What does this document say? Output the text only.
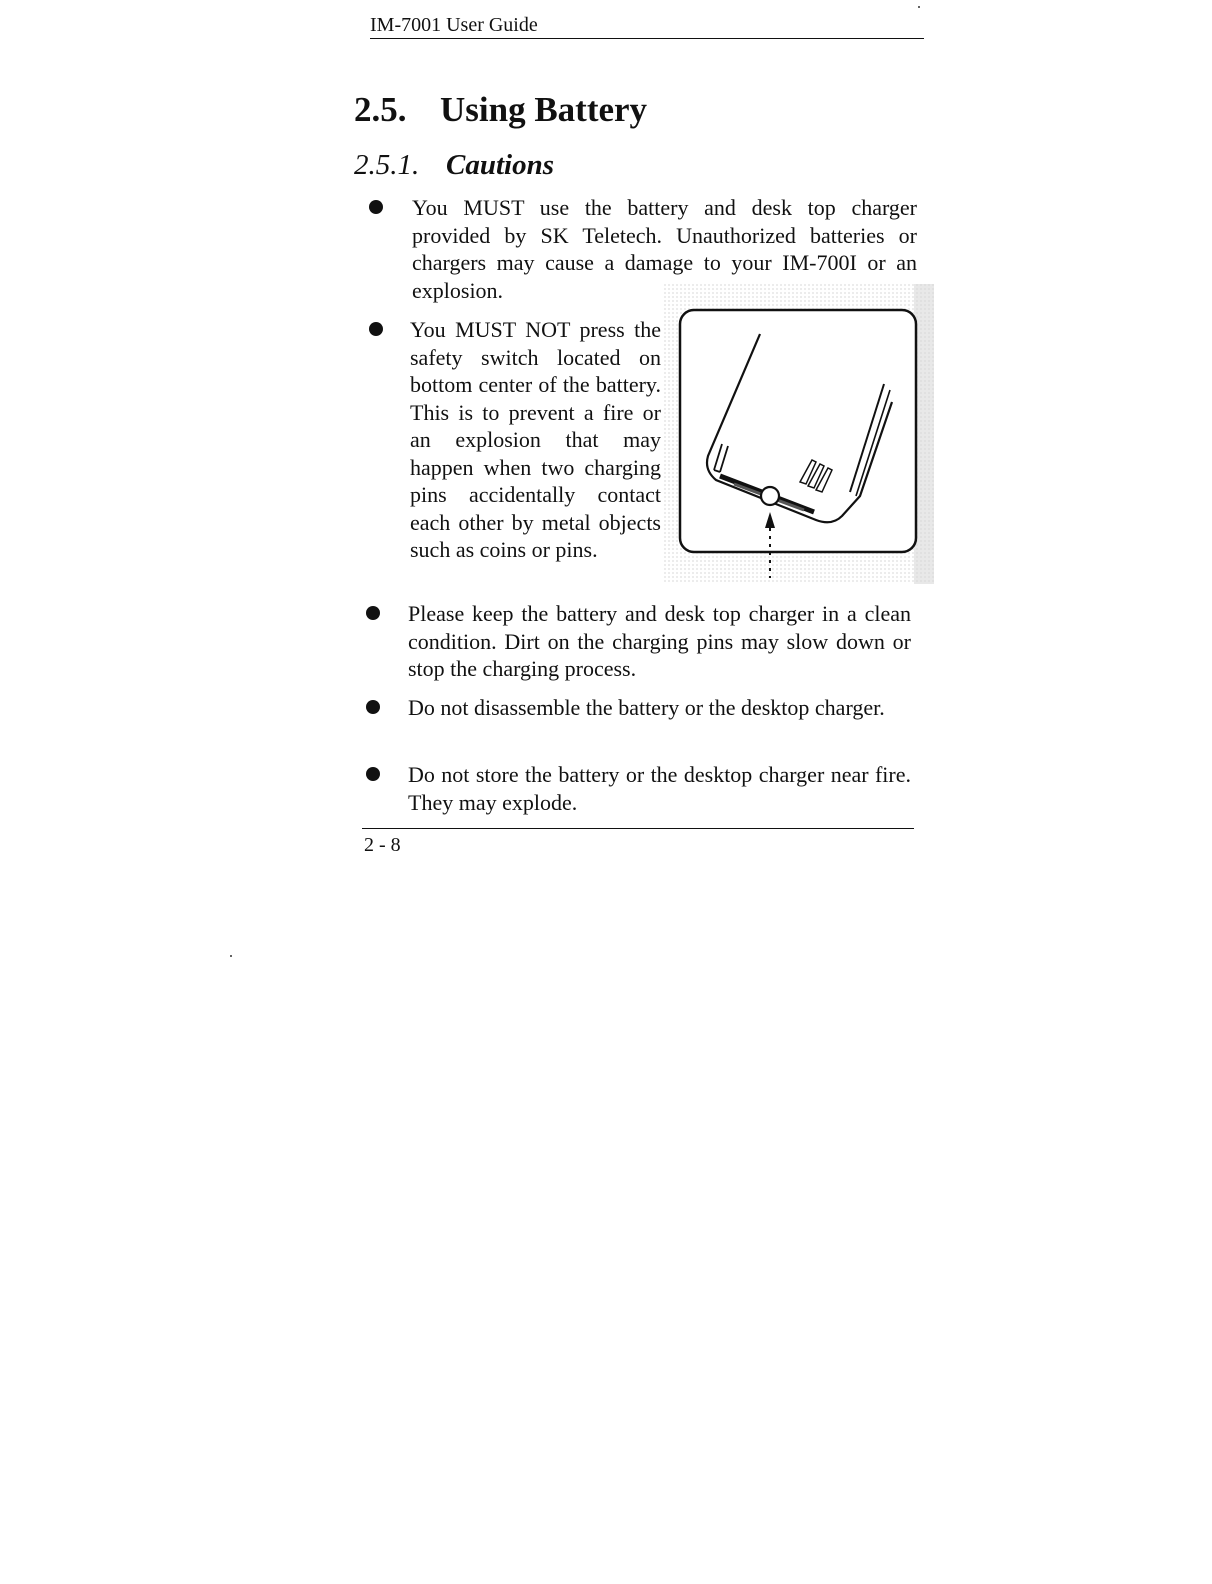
IM-7001 User Guide
2.5. Using Battery
2.5.1. Cautions

You MUST use the battery and desk top charger provided by SK Teletech. Unauthorized batteries or chargers may cause a damage to your IM-700I or an explosion.

You MUST NOT press the safety switch located on bottom center of the battery. This is to prevent a fire or an explosion that may happen when two charging pins accidentally contact each other by metal objects such as coins or pins.

Please keep the battery and desk top charger in a clean condition. Dirt on the charging pins may slow down or stop the charging process.

Do not disassemble the battery or the desktop charger.

Do not store the battery or the desktop charger near fire. They may explode.

2 - 8
